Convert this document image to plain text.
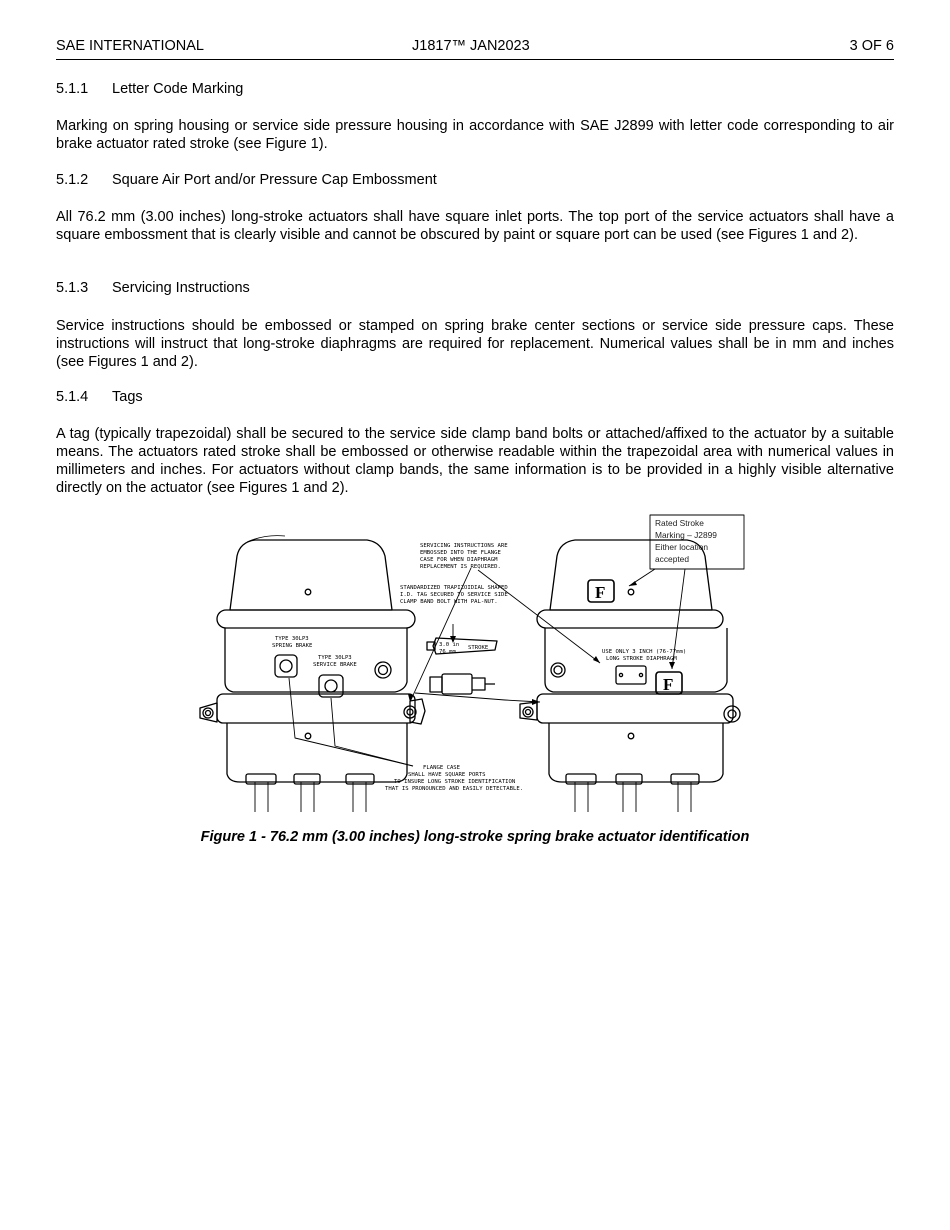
SAE INTERNATIONAL	J1817™ JAN2023	3 OF 6
5.1.1 Letter Code Marking

Marking on spring housing or service side pressure housing in accordance with SAE J2899 with letter code corresponding to air brake actuator rated stroke (see Figure 1).

5.1.2 Square Air Port and/or Pressure Cap Embossment

All 76.2 mm (3.00 inches) long-stroke actuators shall have square inlet ports. The top port of the service actuators shall have a square embossment that is clearly visible and cannot be obscured by paint or square port can be used (see Figures 1 and 2).

5.1.3 Servicing Instructions

Service instructions should be embossed or stamped on spring brake center sections or service side pressure caps. These instructions will instruct that long-stroke diaphragms are required for replacement. Numerical values shall be in mm and inches (see Figures 1 and 2).

5.1.4 Tags

A tag (typically trapezoidal) shall be secured to the service side clamp band bolts or attached/affixed to the actuator by a suitable means. The actuators rated stroke shall be embossed or otherwise readable within the trapezoidal area with numerical values in millimeters and inches. For actuators without clamp bands, the same information is to be provided in a highly visible alternative directly on the actuator (see Figures 1 and 2).

F
F
Rated Stroke
Marking – J2899
Either location
accepted
SERVICING INSTRUCTIONS ARE
EMBOSSED INTO THE FLANGE
CASE FOR WHEN DIAPHRAGM
REPLACEMENT IS REQUIRED.
STANDARDIZED TRAPIZOIDIAL SHAPED
I.D. TAG SECURED TO SERVICE SIDE
CLAMP BAND BOLT WITH PAL-NUT.
TYPE 30LP3
SPRING BRAKE
TYPE 30LP3
SERVICE BRAKE
3.0 in
76 mm
STROKE
USE ONLY 3 INCH (76-77mm)
LONG STROKE DIAPHRAGM
FLANGE CASE
SHALL HAVE SQUARE PORTS
TO INSURE LONG STROKE IDENTIFICATION
THAT IS PRONOUNCED AND EASILY DETECTABLE.
Figure 1 - 76.2 mm (3.00 inches) long-stroke spring brake actuator identification
